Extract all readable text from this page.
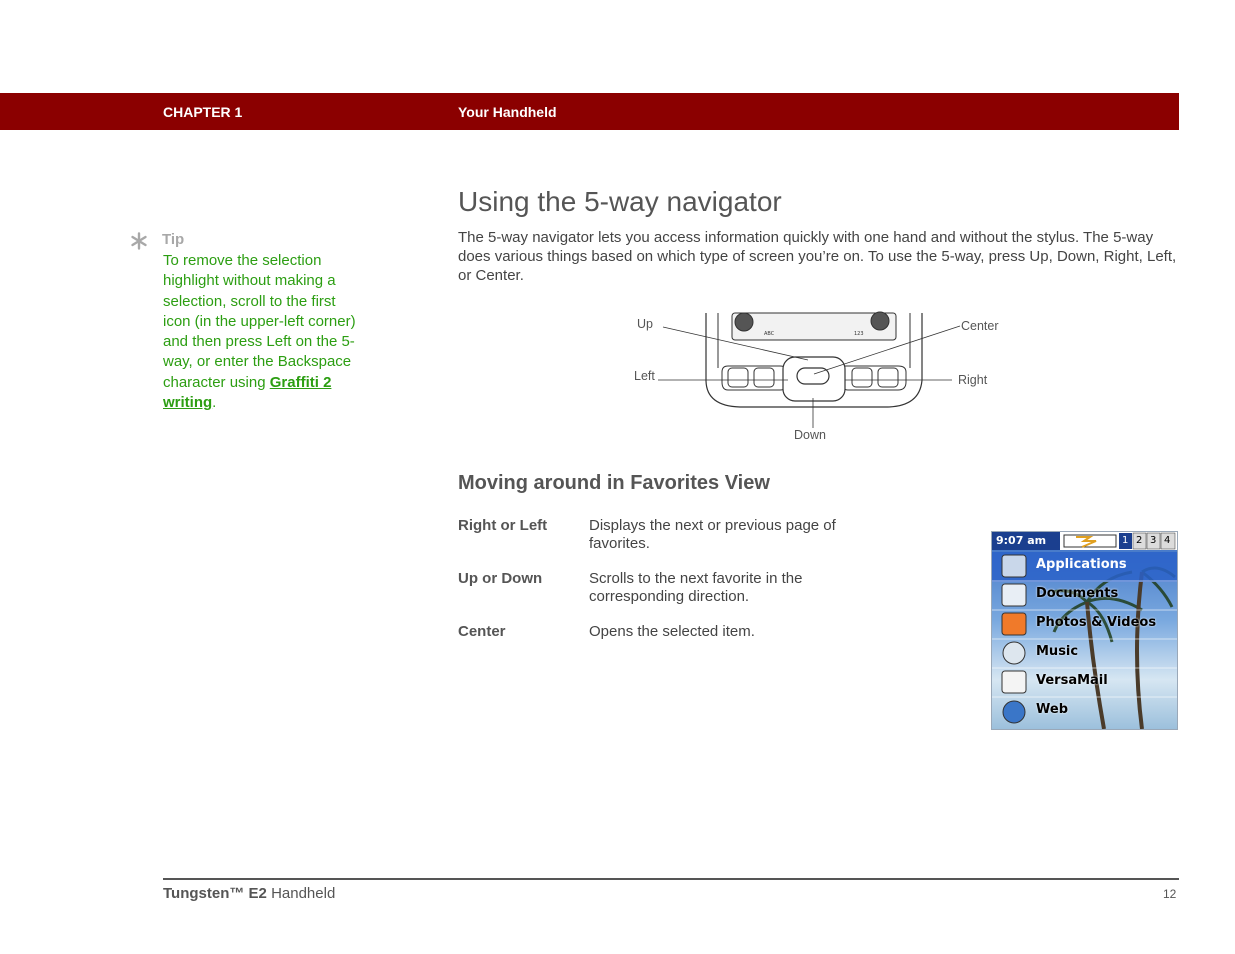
CHAPTER 1	Your Handheld
Tip
To remove the selection highlight without making a selection, scroll to the first icon (in the upper-left corner) and then press Left on the 5-way, or enter the Backspace character using Graffiti 2 writing.
Using the 5-way navigator
The 5-way navigator lets you access information quickly with one hand and without the stylus. The 5-way does various things based on which type of screen you’re on. To use the 5-way, press Up, Down, Right, Left, or Center.
ABC	123
Up
Left
Down
Center
Right
Moving around in Favorites View
Right or Left	Displays the next or previous page of favorites.
Up or Down	Scrolls to the next favorite in the corresponding direction.
Center	Opens the selected item.
9:07 am	1 2 3 4
Applications
Documents
Photos & Videos
Music
VersaMail
Web
Tungsten™ E2 Handheld	12
